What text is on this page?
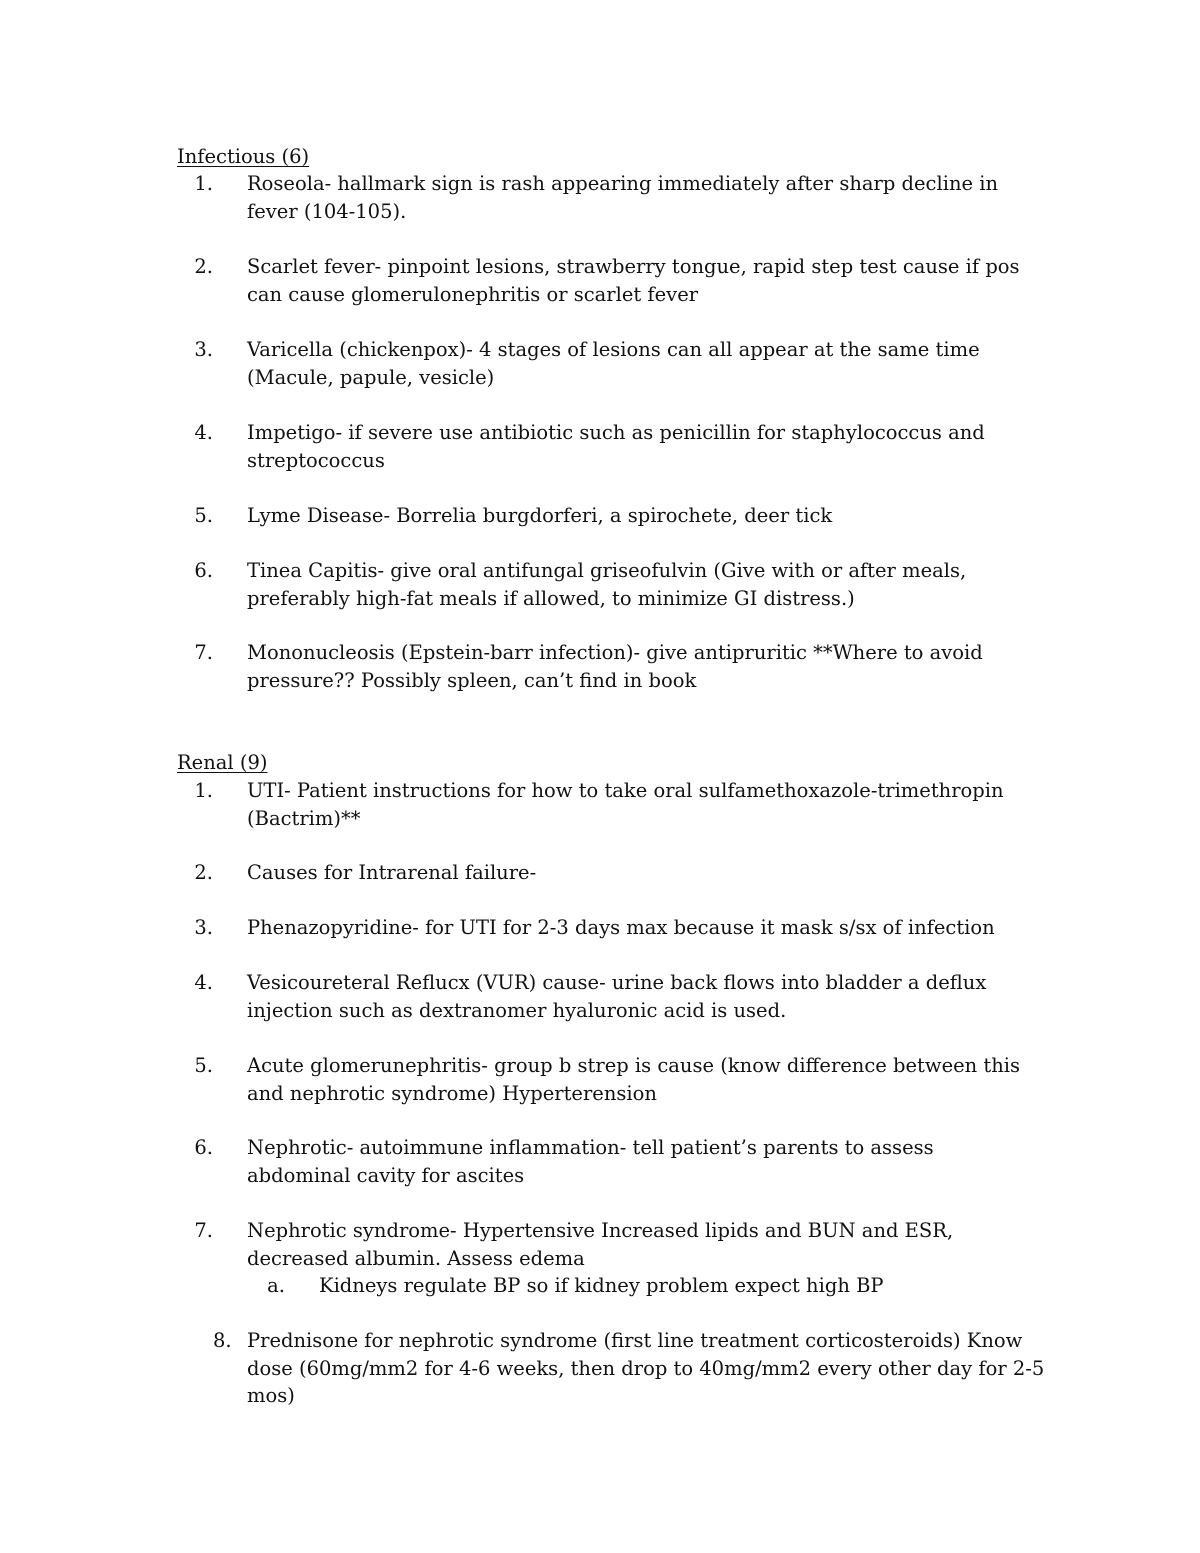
Infectious (6)
1. Roseola- hallmark sign is rash appearing immediately after sharp decline in fever (104-105).
2. Scarlet fever- pinpoint lesions, strawberry tongue, rapid step test cause if pos can cause glomerulonephritis or scarlet fever
3. Varicella (chickenpox)- 4 stages of lesions can all appear at the same time (Macule, papule, vesicle)
4. Impetigo- if severe use antibiotic such as penicillin for staphylococcus and streptococcus
5. Lyme Disease- Borrelia burgdorferi, a spirochete, deer tick
6. Tinea Capitis- give oral antifungal griseofulvin (Give with or after meals, preferably high-fat meals if allowed, to minimize GI distress.)
7. Mononucleosis (Epstein-barr infection)- give antipruritic **Where to avoid pressure?? Possibly spleen, can’t find in book
Renal (9)
1. UTI- Patient instructions for how to take oral sulfamethoxazole-trimethropin (Bactrim)**
2. Causes for Intrarenal failure-
3. Phenazopyridine- for UTI for 2-3 days max because it mask s/sx of infection
4. Vesicoureteral Reflucx (VUR) cause- urine back flows into bladder a deflux injection such as dextranomer hyaluronic acid is used.
5. Acute glomerunephritis- group b strep is cause (know difference between this and nephrotic syndrome) Hyperterension
6. Nephrotic- autoimmune inflammation- tell patient’s parents to assess abdominal cavity for ascites
7. Nephrotic syndrome- Hypertensive Increased lipids and BUN and ESR, decreased albumin. Assess edema
a. Kidneys regulate BP so if kidney problem expect high BP
8. Prednisone for nephrotic syndrome (first line treatment corticosteroids) Know dose (60mg/mm2 for 4-6 weeks, then drop to 40mg/mm2 every other day for 2-5 mos)
